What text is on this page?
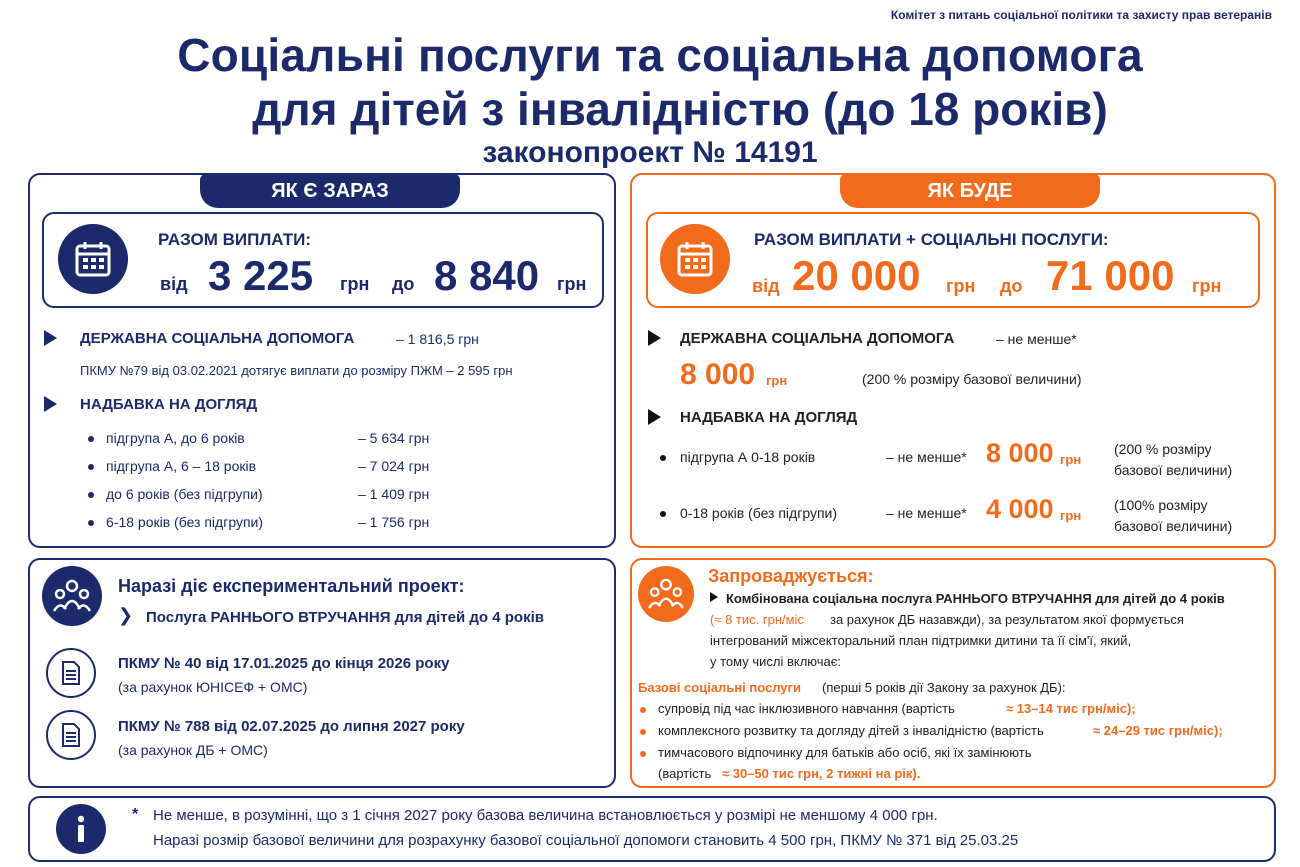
Комітет з питань соціальної політики та захисту прав ветеранів
Соціальні послуги та соціальна допомога
для дітей з інвалідністю (до 18 років)
законопроект № 14191
ЯК Є ЗАРАЗ
РАЗОМ ВИПЛАТИ:
від 3 225 грн до 8 840 грн
ДЕРЖАВНА СОЦІАЛЬНА ДОПОМОГА	– 1 816,5 грн
ПКМУ №79 від 03.02.2021 дотягує виплати до розміру ПЖМ – 2 595 грн
НАДБАВКА НА ДОГЛЯД
підгрупа А, до 6 років	– 5 634 грн
підгрупа А, 6 – 18 років	– 7 024 грн
до 6 років (без підгрупи)	– 1 409 грн
6-18 років (без підгрупи)	– 1 756 грн
ЯК БУДЕ
РАЗОМ ВИПЛАТИ + СОЦІАЛЬНІ ПОСЛУГИ:
від 20 000 грн до 71 000 грн
ДЕРЖАВНА СОЦІАЛЬНА ДОПОМОГА	– не менше*
8 000 грн	(200 % розміру базової величини)
НАДБАВКА НА ДОГЛЯД
підгрупа А 0-18 років	– не менше* 8 000 грн
(200 % розміру
базової величини)
0-18 років (без підгрупи)	– не менше* 4 000 грн
(100% розміру
базової величини)
Наразі діє експериментальний проект:
❯ Послуга РАННЬОГО ВТРУЧАННЯ для дітей до 4 років
ПКМУ № 40 від 17.01.2025 до кінця 2026 року
(за рахунок ЮНІСЕФ + ОМС)
ПКМУ № 788 від 02.07.2025 до липня 2027 року
(за рахунок ДБ + ОМС)
Запроваджується:
Комбінована соціальна послуга РАННЬОГО ВТРУЧАННЯ для дітей до 4 років
(≈ 8 тис. грн/міс за рахунок ДБ назавжди), за результатом якої формується
інтегрований міжсекторальний план підтримки дитини та її сім'ї, який,
у тому числі включає:
Базові соціальні послуги (перші 5 років дії Закону за рахунок ДБ):
супровід під час інклюзивного навчання (вартість	≈ 13–14 тис грн/міс);
комплексного розвитку та догляду дітей з інвалідністю (вартість	≈ 24–29 тис грн/міс);
тимчасового відпочинку для батьків або осіб, які їх замінюють
(вартість ≈ 30–50 тис грн, 2 тижні на рік).
* Не менше, в розумінні, що з 1 січня 2027 року базова величина встановлюється у розмірі не меншому 4 000 грн.
Наразі розмір базової величини для розрахунку базової соціальної допомоги становить 4 500 грн, ПКМУ № 371 від 25.03.25
